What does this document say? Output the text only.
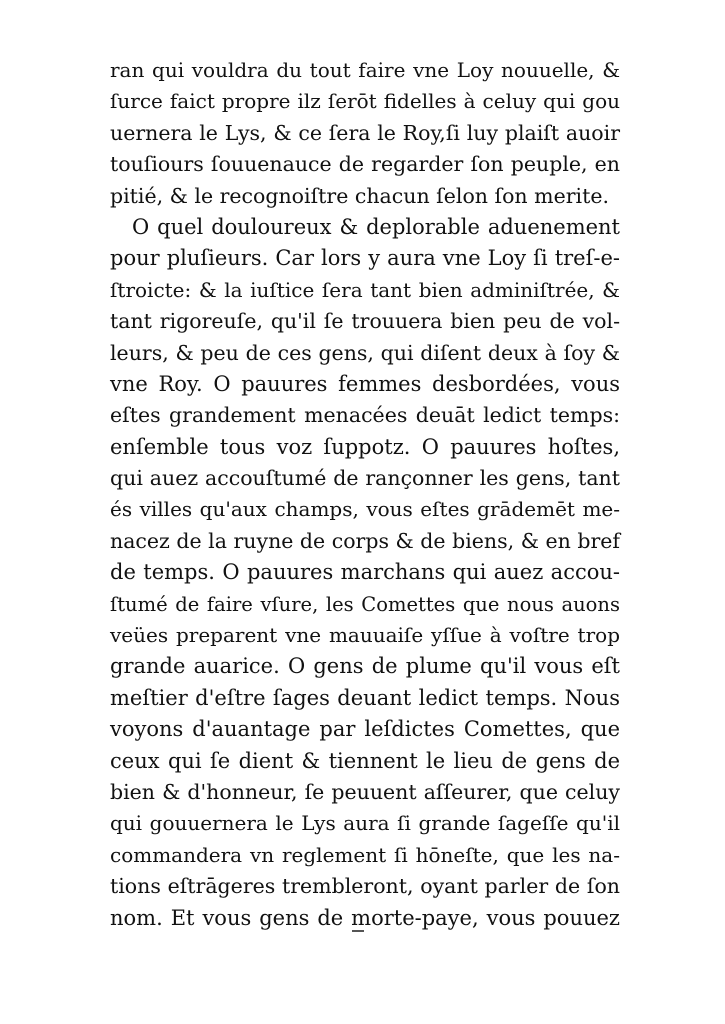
ran qui vouldra du tout faire vne Loy nouuelle, &
ſurce faict propre ilz ſerōt fidelles à celuy qui gou
uernera le Lys, & ce ſera le Roy,ſi luy plaiſt auoir
touſiours ſouuenauce de regarder ſon peuple, en
pitié, & le recognoiſtre chacun ſelon ſon merite.
O quel douloureux & deplorable aduenement
pour pluſieurs. Car lors y aura vne Loy ſi treſ-e-
ſtroicte: & la iuſtice ſera tant bien adminiſtrée, &
tant rigoreuſe, qu'il ſe trouuera bien peu de vol-
leurs, & peu de ces gens, qui diſent deux à ſoy &
vne Roy. O pauures femmes desbordées, vous
eſtes grandement menacées deuāt ledict temps:
enſemble tous voz ſuppotz. O pauures hoſtes,
qui auez accouſtumé de rançonner les gens, tant
és villes qu'aux champs, vous eſtes grādemēt me-
nacez de la ruyne de corps & de biens, & en bref
de temps. O pauures marchans qui auez accou-
ſtumé de faire vſure, les Comettes que nous auons
veües preparent vne mauuaiſe yſſue à voſtre trop
grande auarice. O gens de plume qu'il vous eſt
meſtier d'eſtre ſages deuant ledict temps. Nous
voyons d'auantage par leſdictes Comettes, que
ceux qui ſe dient & tiennent le lieu de gens de
bien & d'honneur, ſe peuuent aſſeurer, que celuy
qui gouuernera le Lys aura ſi grande ſageſſe qu'il
commandera vn reglement ſi hōneſte, que les na-
tions eſtrāgeres trembleront, oyant parler de ſon
nom. Et vous gens de morte-paye, vous pouuez
